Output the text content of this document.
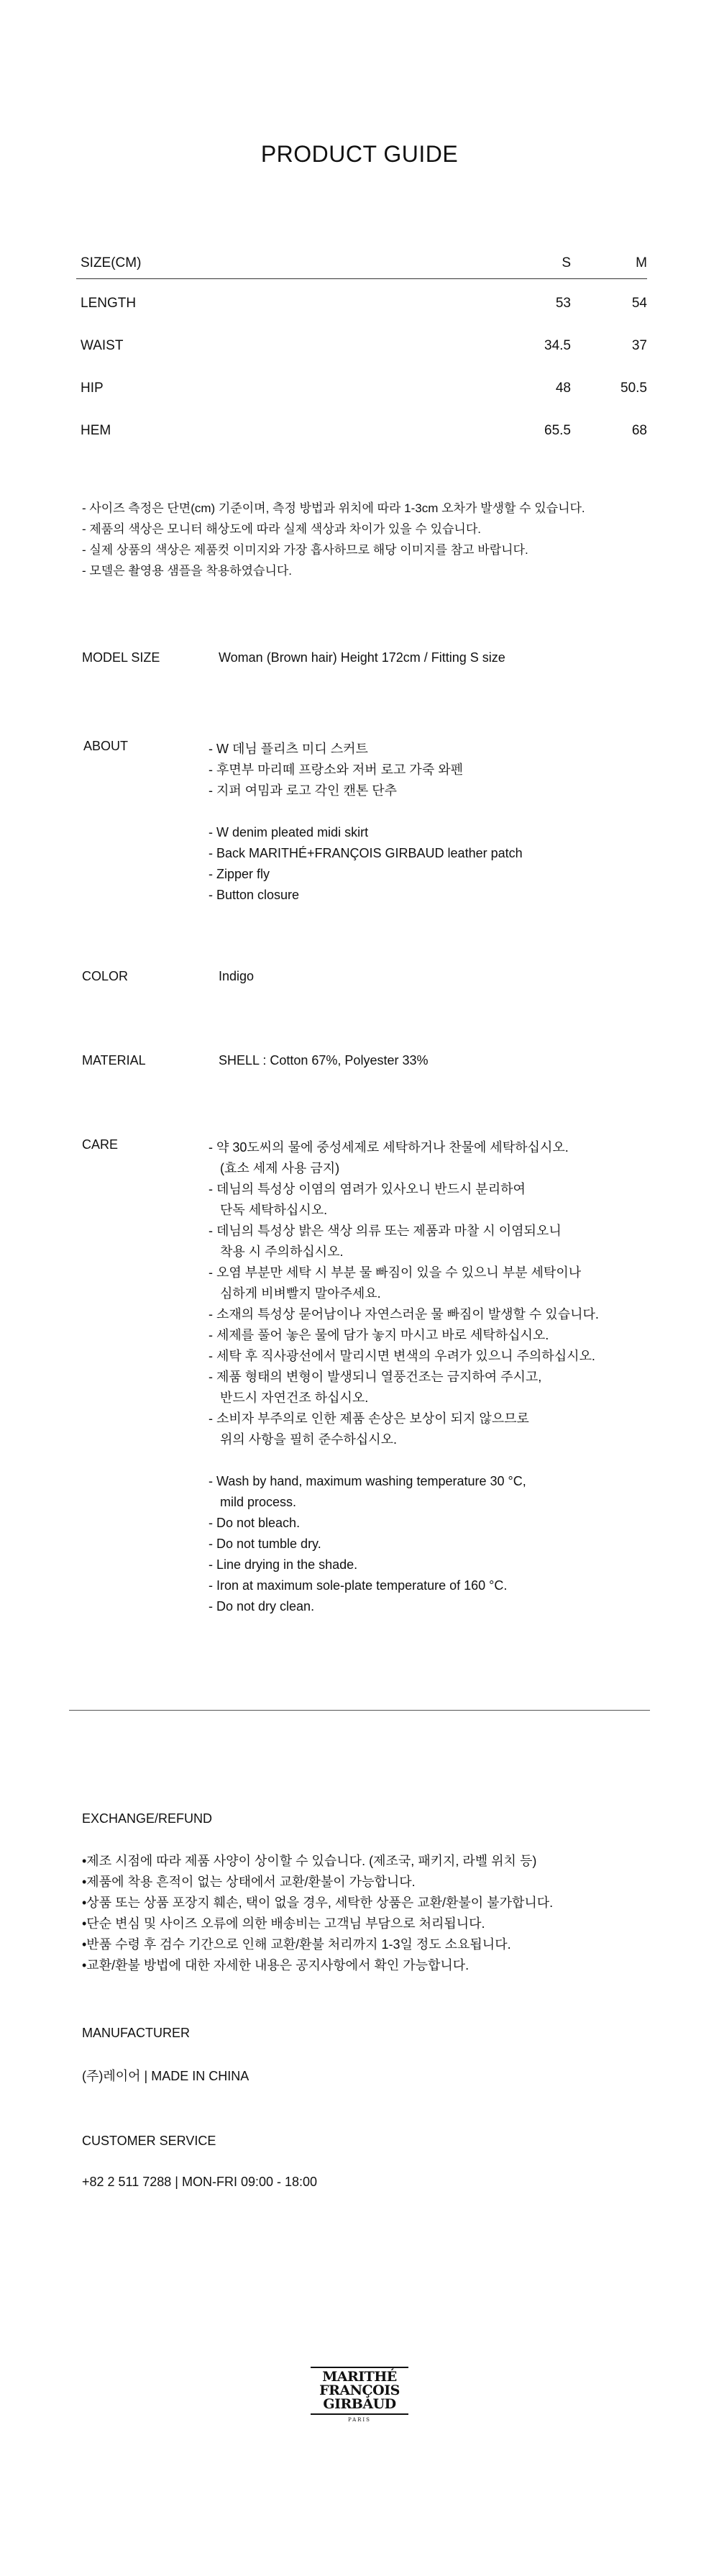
PRODUCT GUIDE
SIZE(CM)	S	M
LENGTH	53	54
WAIST	34.5	37
HIP	48	50.5
HEM	65.5	68
- 사이즈 측정은 단면(cm) 기준이며, 측정 방법과 위치에 따라 1-3cm 오차가 발생할 수 있습니다.
- 제품의 색상은 모니터 해상도에 따라 실제 색상과 차이가 있을 수 있습니다.
- 실제 상품의 색상은 제품컷 이미지와 가장 흡사하므로 해당 이미지를 참고 바랍니다.
- 모델은 촬영용 샘플을 착용하였습니다.
MODEL SIZE	Woman (Brown hair) Height 172cm / Fitting S size
ABOUT	- W 데님 플리츠 미디 스커트
- 후면부 마리떼 프랑소와 저버 로고 가죽 와펜
- 지퍼 여밈과 로고 각인 캔톤 단추
- W denim pleated midi skirt
- Back MARITHÉ+FRANÇOIS GIRBAUD leather patch
- Zipper fly
- Button closure
COLOR	Indigo
MATERIAL	SHELL : Cotton 67%, Polyester 33%
CARE	- 약 30도씨의 물에 중성세제로 세탁하거나 찬물에 세탁하십시오.
(효소 세제 사용 금지)
- 데님의 특성상 이염의 염려가 있사오니 반드시 분리하여
단독 세탁하십시오.
- 데님의 특성상 밝은 색상 의류 또는 제품과 마찰 시 이염되오니
착용 시 주의하십시오.
- 오염 부분만 세탁 시 부분 물 빠짐이 있을 수 있으니 부분 세탁이나
심하게 비벼빨지 말아주세요.
- 소재의 특성상 묻어남이나 자연스러운 물 빠짐이 발생할 수 있습니다.
- 세제를 풀어 놓은 물에 담가 놓지 마시고 바로 세탁하십시오.
- 세탁 후 직사광선에서 말리시면 변색의 우려가 있으니 주의하십시오.
- 제품 형태의 변형이 발생되니 열풍건조는 금지하여 주시고,
반드시 자연건조 하십시오.
- 소비자 부주의로 인한 제품 손상은 보상이 되지 않으므로
위의 사항을 필히 준수하십시오.
- Wash by hand, maximum washing temperature 30 °C,
mild process.
- Do not bleach.
- Do not tumble dry.
- Line drying in the shade.
- Iron at maximum sole-plate temperature of 160 °C.
- Do not dry clean.
EXCHANGE/REFUND
•제조 시점에 따라 제품 사양이 상이할 수 있습니다. (제조국, 패키지, 라벨 위치 등)
•제품에 착용 흔적이 없는 상태에서 교환/환불이 가능합니다.
•상품 또는 상품 포장지 훼손, 택이 없을 경우, 세탁한 상품은 교환/환불이 불가합니다.
•단순 변심 및 사이즈 오류에 의한 배송비는 고객님 부담으로 처리됩니다.
•반품 수령 후 검수 기간으로 인해 교환/환불 처리까지 1-3일 정도 소요됩니다.
•교환/환불 방법에 대한 자세한 내용은 공지사항에서 확인 가능합니다.
MANUFACTURER
(주)레이어 | MADE IN CHINA
CUSTOMER SERVICE
+82 2 511 7288 | MON-FRI 09:00 - 18:00
MARITHÉ
FRANÇOIS
GIRBAUD
PARIS
